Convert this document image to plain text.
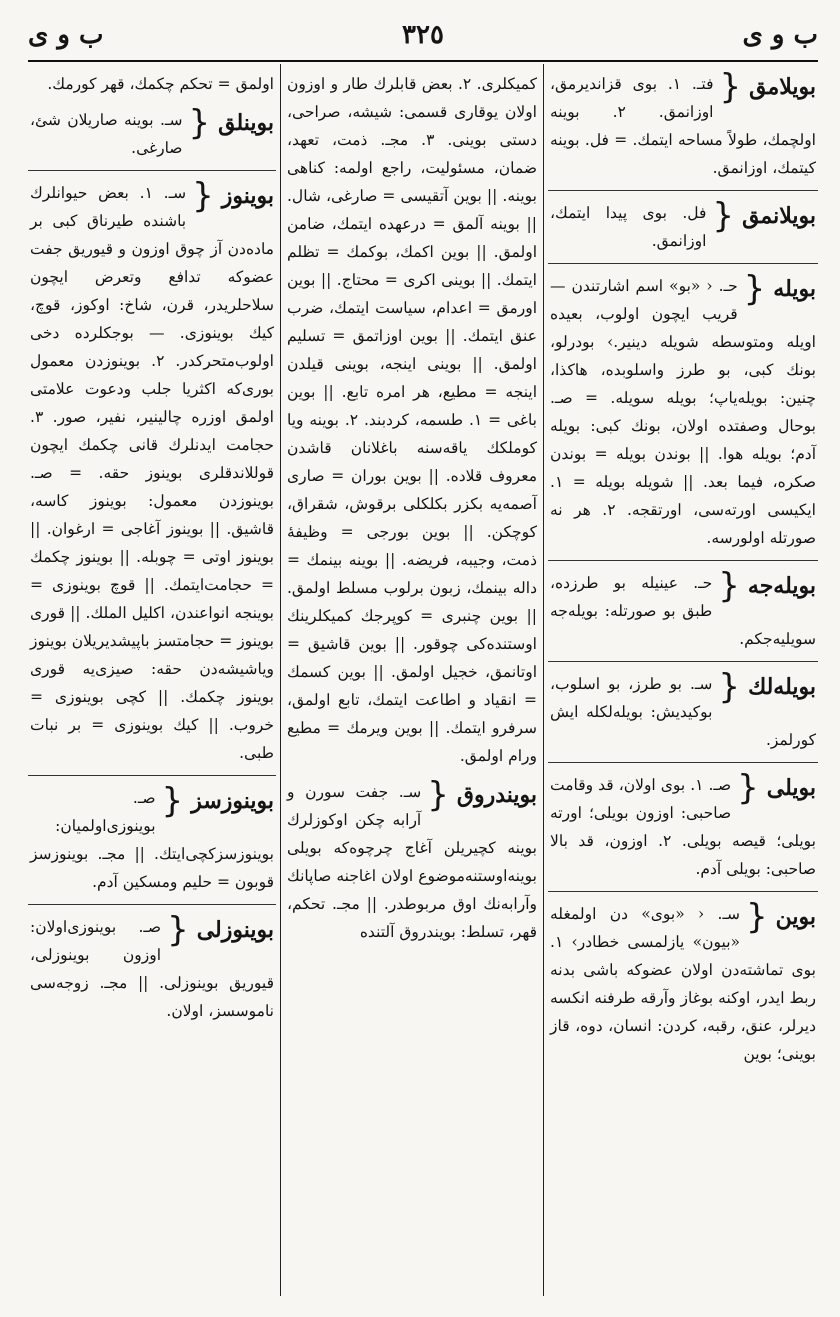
ب و ى
٣٢٥
ب و ى
بويلامق
{
فتـ. ١. بوى قزانديرمق، اوزانمق. ٢. بوينه اولچمك، طولاً مساحه ايتمك. = فل. بوينه كيتمك، اوزانمق.
بويلانمق
{
فل. بوى پيدا ايتمك، اوزانمق.
بويله
{
حـ. ‹ «بو» اسم اشارتندن — قريب ايچون اولوب، بعيده اويله ومتوسطه شويله دينير.› بودرلو، بونك كبى، بو طرز واسلوبده، هاكذا، چنين: بويله‌ياپ؛ بويله سويله. = صـ. بوحال وصفتده اولان، بونك كبى: بويله آدم؛ بويله هوا. || بوندن بويله = بوندن صكره، فيما بعد. || شويله بويله = ١. ايكيسى اورته‌سى، اورتقجه. ٢. هر نه صورتله اولورسه.
بويله‌جه
{
حـ. عينيله بو طرزده، طبق بو صورتله: بويله‌جه سويليه‌جكم.
بويله‌لك
{
سـ. بو طرز، بو اسلوب، بوكيديش: بويله‌لكله ايش كورلمز.
بويلى
{
صـ. ١. بوى اولان، قد وقامت صاحبى: اوزون بويلى؛ اورته بويلى؛ قيصه بويلى. ٢. اوزون، قد بالا صاحبى: بويلى آدم.
بوين
{
سـ. ‹ «بوى» دن اولمغله «بيون» يازلمسى خطادر› ١. بوى تماشته‌دن اولان عضوكه باشى بدنه ربط ايدر، اوكنه بوغاز وآرقه طرفنه انكسه ديرلر، عنق، رقبه، كردن: انسان، دوه، قاز بوينى؛ بوين
كميكلرى. ٢. بعض قابلرك طار و اوزون اولان يوقارى قسمى: شيشه، صراحى، دستى بوينى. ٣. مجـ. ذمت، تعهد، ضمان، مسئوليت، راجع اولمه: كناهى بوينه. || بوين آتقيسى = صارغى، شال. || بوينه آلمق = درعهده ايتمك، ضامن اولمق. || بوين اكمك، بوكمك = تظلم ايتمك. || بوينى اكرى = محتاج. || بوين اورمق = اعدام، سياست ايتمك، ضرب عنق ايتمك. || بوين اوزاتمق = تسليم اولمق. || بوينى اينجه، بوينى قيلدن اينجه = مطيع، هر امره تابع. || بوين باغى = ١. طسمه، كردبند. ٢. بوينه ويا كوملكك ياقه‌سنه باغلانان قاشدن معروف قلاده. || بوين بوران = صارى آصمه‌يه بكزر بكلكلى برقوش، شقراق، كوچكن. || بوين بورجى = وظيفهٔ ذمت، وجيبه، فريضه. || بوينه بينمك = داله بينمك، زبون برلوب مسلط اولمق. || بوين چنبرى = كوپرجك كميكلرينك اوستنده‌كى چوقور. || بوين قاشيق = اوتانمق، خجيل اولمق. || بوين كسمك = انقياد و اطاعت ايتمك، تابع اولمق، سرفرو ايتمك. || بوين ويرمك = مطيع ورام اولمق.
بويندروق
{
سـ. جفت سورن و آرابه چكن اوكوزلرك بوينه كچيريلن آغاج چرچوه‌كه بويلى بوينه‌اوستنه‌موضوع اولان اغاجنه صاپانك وآرابه‌نك اوق مربوطدر. || مجـ. تحكم، قهر، تسلط: بويندروق آلتنده
اولمق = تحكم چكمك، قهر كورمك.
بوينلق
{
سـ. بوينه صاريلان شئ، صارغى.
بوينوز
{
سـ. ١. بعض حيوانلرك باشنده طيرناق كبى بر ماده‌دن آز چوق اوزون و قيوريق جفت عضوكه تدافع وتعرض ايچون سلاحلريدر، قرن، شاخ: اوكوز، قوچ، كيك بوينوزى. — بوجكلرده دخى اولوب‌متحركدر. ٢. بوينوزدن معمول بورى‌كه اكثريا جلب ودعوت علامتى اولمق اوزره چالينير، نفير، صور. ٣. حجامت ايدنلرك قانى چكمك ايچون قوللاندقلرى بوينوز حقه. = صـ. بوينوزدن معمول: بوينوز كاسه، قاشيق. || بوينوز آغاجى = ارغوان. || بوينوز اوتى = چوبله. || بوينوز چكمك = حجامت‌ايتمك. || قوچ بوينوزى = بوينجه انواعندن، اكليل الملك. || قورى بوينوز = حجامتسز باپيشديريلان بوينوز وياشيشه‌دن حقه: صيزى‌يه قورى بوينوز چكمك. || كچى بوينوزى = خروب. || كيك بوينوزى = بر نبات طبى.
بوينوزسز
{
صـ. بوينوزى‌اولميان: بوينوزسزكچى‌ايتك. || مجـ. بوينوزسز قوبون = حليم ومسكين آدم.
بوينوزلى
{
صـ. بوينوزى‌اولان: اوزون بوينوزلى، قيوريق بوينوزلى. || مجـ. زوجه‌سى ناموسسز، اولان.
